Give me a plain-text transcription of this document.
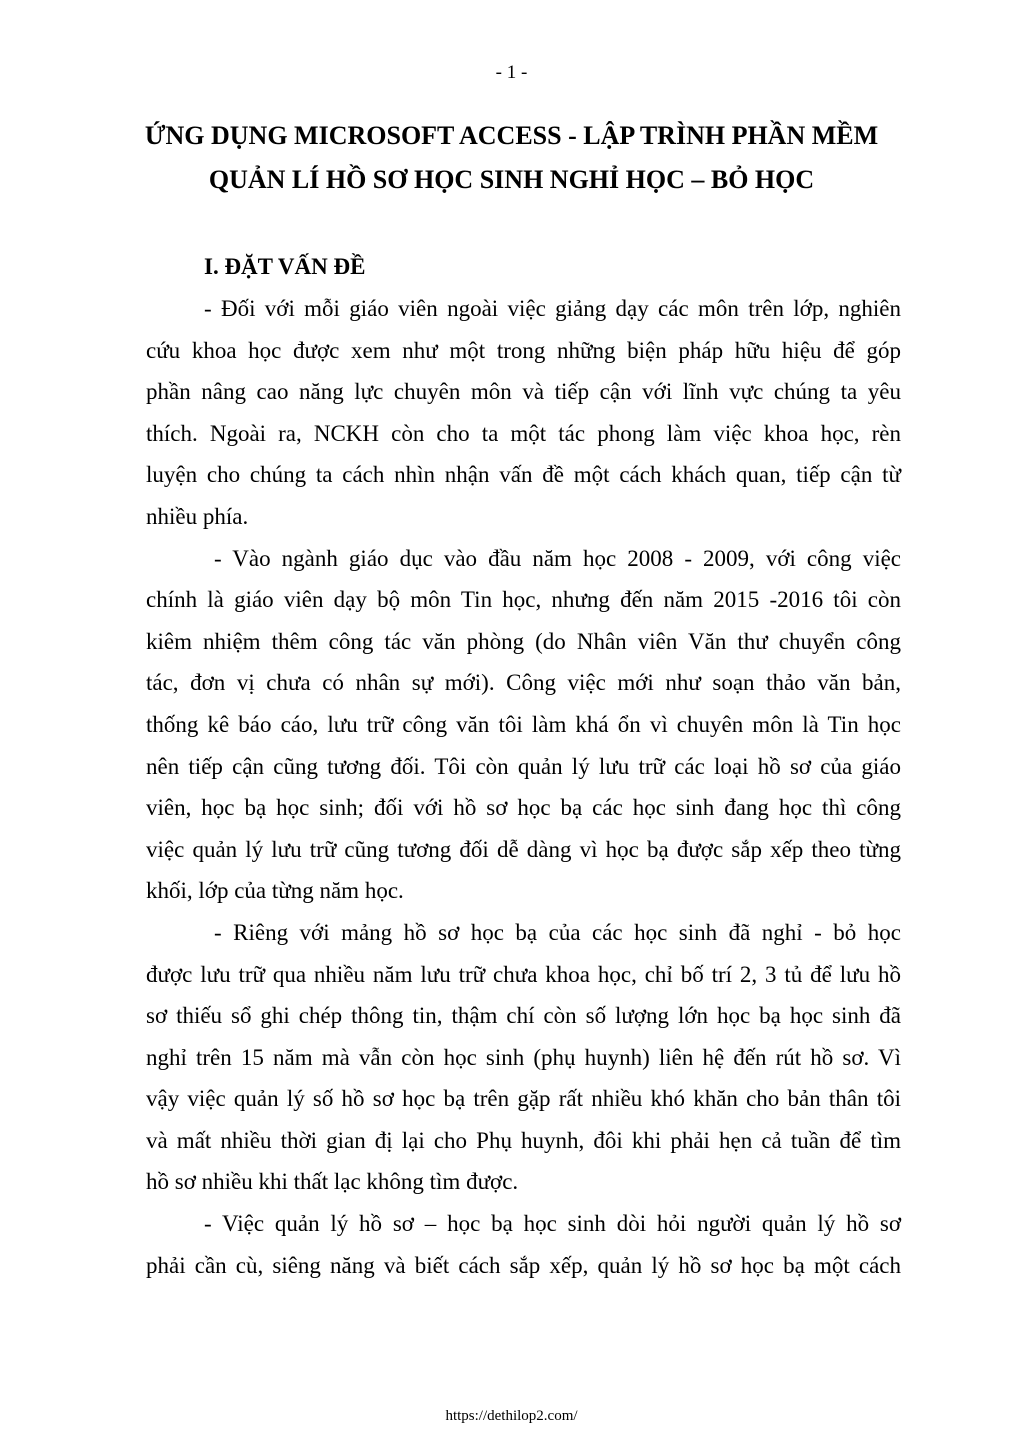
- 1 -
ỨNG DỤNG MICROSOFT ACCESS - LẬP TRÌNH PHẦN MỀM
QUẢN LÍ HỒ SƠ HỌC SINH NGHỈ HỌC – BỎ HỌC
I. ĐẶT VẤN ĐỀ
- Đối với mỗi giáo viên ngoài việc giảng dạy các môn trên lớp, nghiên
cứu khoa học được xem như một trong những biện pháp hữu hiệu để góp
phần nâng cao năng lực chuyên môn và tiếp cận với lĩnh vực chúng ta yêu
thích. Ngoài ra, NCKH còn cho ta một tác phong làm việc khoa học, rèn
luyện cho chúng ta cách nhìn nhận vấn đề một cách khách quan, tiếp cận từ
nhiều phía.
- Vào ngành giáo dục vào đầu năm học 2008 - 2009, với công việc
chính là giáo viên dạy bộ môn Tin học, nhưng đến năm 2015 -2016 tôi còn
kiêm nhiệm thêm công tác văn phòng (do Nhân viên Văn thư chuyển công
tác, đơn vị chưa có nhân sự mới). Công việc mới như soạn thảo văn bản,
thống kê báo cáo, lưu trữ công văn tôi làm khá ổn vì chuyên môn là Tin học
nên tiếp cận cũng tương đối. Tôi còn quản lý lưu trữ các loại hồ sơ của giáo
viên, học bạ học sinh; đối với hồ sơ học bạ các học sinh đang học thì công
việc quản lý lưu trữ cũng tương đối dễ dàng vì học bạ được sắp xếp theo từng
khối, lớp của từng năm học.
- Riêng với mảng hồ sơ học bạ của các học sinh đã nghỉ - bỏ học
được lưu trữ qua nhiều năm lưu trữ chưa khoa học, chỉ bố trí 2, 3 tủ để lưu hồ
sơ thiếu sổ ghi chép thông tin, thậm chí còn số lượng lớn học bạ học sinh đã
nghỉ trên 15 năm mà vẫn còn học sinh (phụ huynh) liên hệ đến rút hồ sơ. Vì
vậy việc quản lý số hồ sơ học bạ trên gặp rất nhiều khó khăn cho bản thân tôi
và mất nhiều thời gian đị lại cho Phụ huynh, đôi khi phải hẹn cả tuần để tìm
hồ sơ nhiều khi thất lạc không tìm được.
- Việc quản lý hồ sơ – học bạ học sinh dòi hỏi người quản lý hồ sơ
phải cần cù, siêng năng và biết cách sắp xếp, quản lý hồ sơ học bạ một cách
https://dethilop2.com/
